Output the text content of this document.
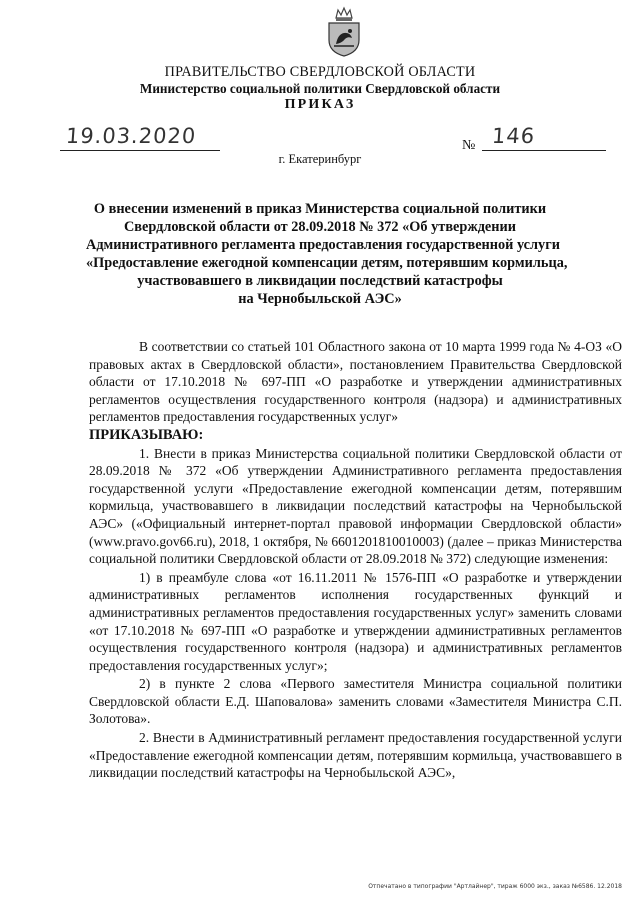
ПРАВИТЕЛЬСТВО СВЕРДЛОВСКОЙ ОБЛАСТИ
Министерство социальной политики Свердловской области
ПРИКАЗ
19.03.2020	№ 146
г. Екатеринбург
О внесении изменений в приказ Министерства социальной политики
Свердловской области от 28.09.2018 № 372 «Об утверждении
Административного регламента предоставления государственной услуги
«Предоставление ежегодной компенсации детям, потерявшим кормильца,
участвовавшего в ликвидации последствий катастрофы
на Чернобыльской АЭС»

В соответствии со статьей 101 Областного закона от 10 марта 1999 года № 4-ОЗ «О правовых актах в Свердловской области», постановлением Правительства Свердловской области от 17.10.2018 № 697-ПП «О разработке и утверждении административных регламентов осуществления государственного контроля (надзора) и административных регламентов предоставления государственных услуг»

ПРИКАЗЫВАЮ:

1. Внести в приказ Министерства социальной политики Свердловской области от 28.09.2018 № 372 «Об утверждении Административного регламента предоставления государственной услуги «Предоставление ежегодной компенсации детям, потерявшим кормильца, участвовавшего в ликвидации последствий катастрофы на Чернобыльской АЭС» («Официальный интернет-портал правовой информации Свердловской области» (www.pravo.gov66.ru), 2018, 1 октября, № 6601201810010003) (далее – приказ Министерства социальной политики Свердловской области от 28.09.2018 № 372) следующие изменения:

1) в преамбуле слова «от 16.11.2011 № 1576-ПП «О разработке и утверждении административных регламентов исполнения государственных функций и административных регламентов предоставления государственных услуг» заменить словами «от 17.10.2018 № 697-ПП «О разработке и утверждении административных регламентов осуществления государственного контроля (надзора) и административных регламентов предоставления государственных услуг»;

2) в пункте 2 слова «Первого заместителя Министра социальной политики Свердловской области Е.Д. Шаповалова» заменить словами «Заместителя Министра С.П. Золотова».

2. Внести в Административный регламент предоставления государственной услуги «Предоставление ежегодной компенсации детям, потерявшим кормильца, участвовавшего в ликвидации последствий катастрофы на Чернобыльской АЭС»,

Отпечатано в типографии "Артлайнер", тираж 6000 экз., заказ №6586. 12.2018
